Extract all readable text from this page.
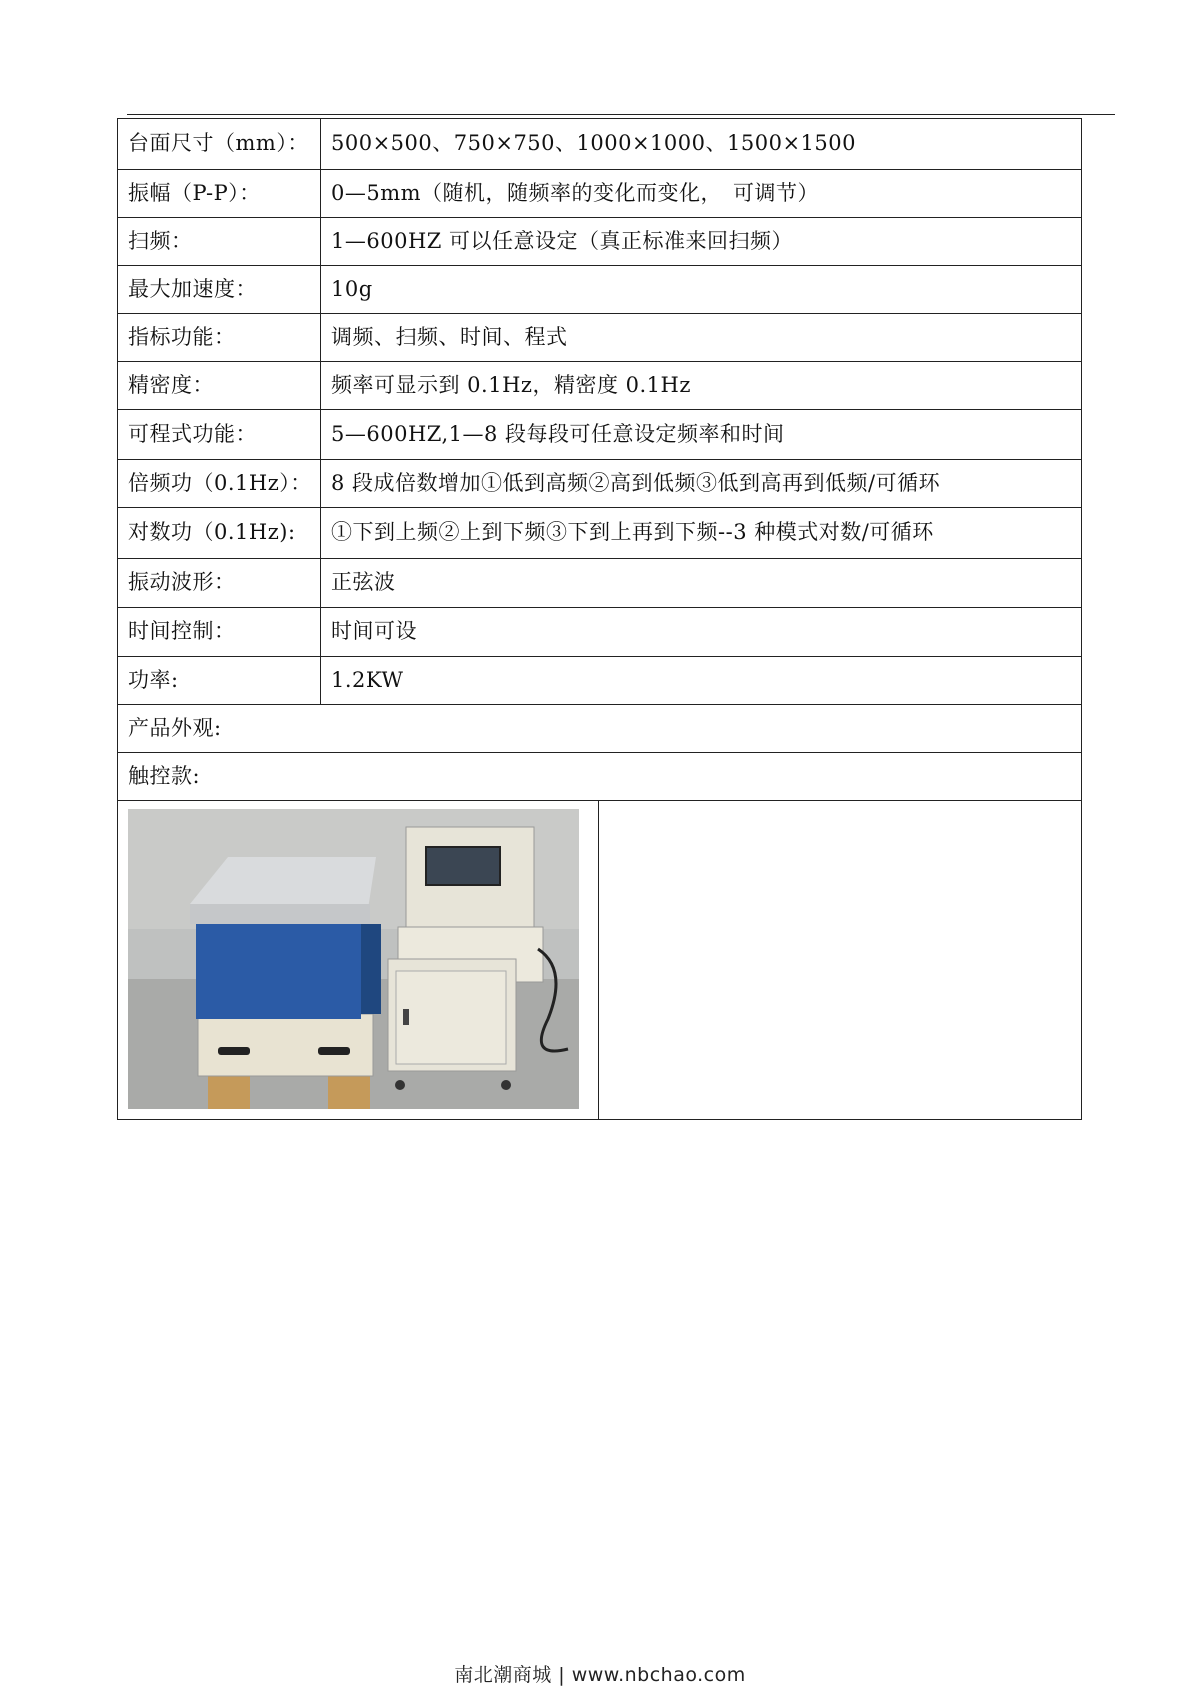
台面尺寸（mm）：	500×500、750×750、1000×1000、1500×1500	
振幅（P-P）：	0—5mm（随机，随频率的变化而变化，　可调节）	
扫频：	1—600HZ 可以任意设定（真正标准来回扫频）	
最大加速度：	10g	
指标功能：	调频、扫频、时间、程式	
精密度：	频率可显示到 0.1Hz，精密度 0.1Hz	
可程式功能：	5—600HZ,1—8 段每段可任意设定频率和时间	
倍频功（0.1Hz）：	8 段成倍数增加①低到高频②高到低频③低到高再到低频/可循环	
对数功（0.1Hz):	①下到上频②上到下频③下到上再到下频--3 种模式对数/可循环	
振动波形：	正弦波	
时间控制：	时间可设	
功率:	1.2KW	
产品外观:		
触控款:		

南北潮商城 | www.nbchao.com
